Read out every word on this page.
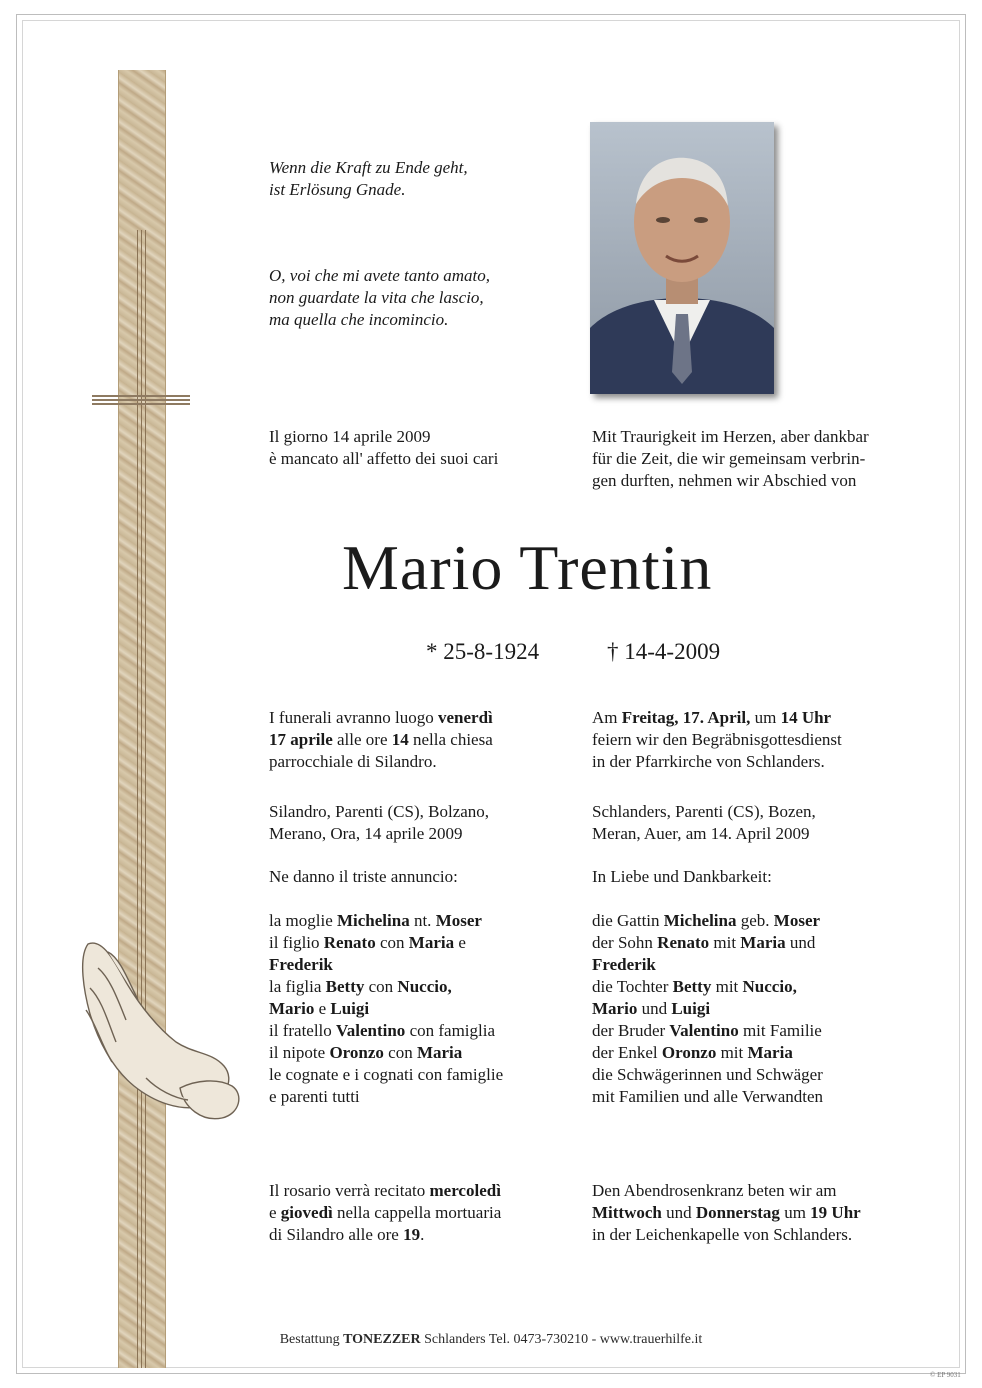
Wenn die Kraft zu Ende geht,
ist Erlösung Gnade.
O, voi che mi avete tanto amato,
non guardate la vita che lascio,
ma quella che incomincio.
Il giorno 14 aprile 2009
è mancato all' affetto dei suoi cari
Mit Traurigkeit im Herzen, aber dankbar
für die Zeit, die wir gemeinsam verbrin-
gen durften, nehmen wir Abschied von
Mario Trentin
* 25-8-1924	† 14-4-2009
I funerali avranno luogo venerdì
17 aprile alle ore 14 nella chiesa
parrocchiale di Silandro.
Am Freitag, 17. April, um 14 Uhr
feiern wir den Begräbnisgottesdienst
in der Pfarrkirche von Schlanders.
Silandro, Parenti (CS), Bolzano,
Merano, Ora, 14 aprile 2009
Schlanders, Parenti (CS), Bozen,
Meran, Auer, am 14. April 2009
Ne danno il triste annuncio:	In Liebe und Dankbarkeit:
la moglie Michelina nt. Moser
il figlio Renato con Maria e
Frederik
la figlia Betty con Nuccio,
Mario e Luigi
il fratello Valentino con famiglia
il nipote Oronzo con Maria
le cognate e i cognati con famiglie
e parenti tutti
die Gattin Michelina geb. Moser
der Sohn Renato mit Maria und
Frederik
die Tochter Betty mit Nuccio,
Mario und Luigi
der Bruder Valentino mit Familie
der Enkel Oronzo mit Maria
die Schwägerinnen und Schwäger
mit Familien und alle Verwandten
Il rosario verrà recitato mercoledì
e giovedì nella cappella mortuaria
di Silandro alle ore 19.
Den Abendrosenkranz beten wir am
Mittwoch und Donnerstag um 19 Uhr
in der Leichenkapelle von Schlanders.
Bestattung TONEZZER Schlanders Tel. 0473-730210 - www.trauerhilfe.it
© EP 9031
